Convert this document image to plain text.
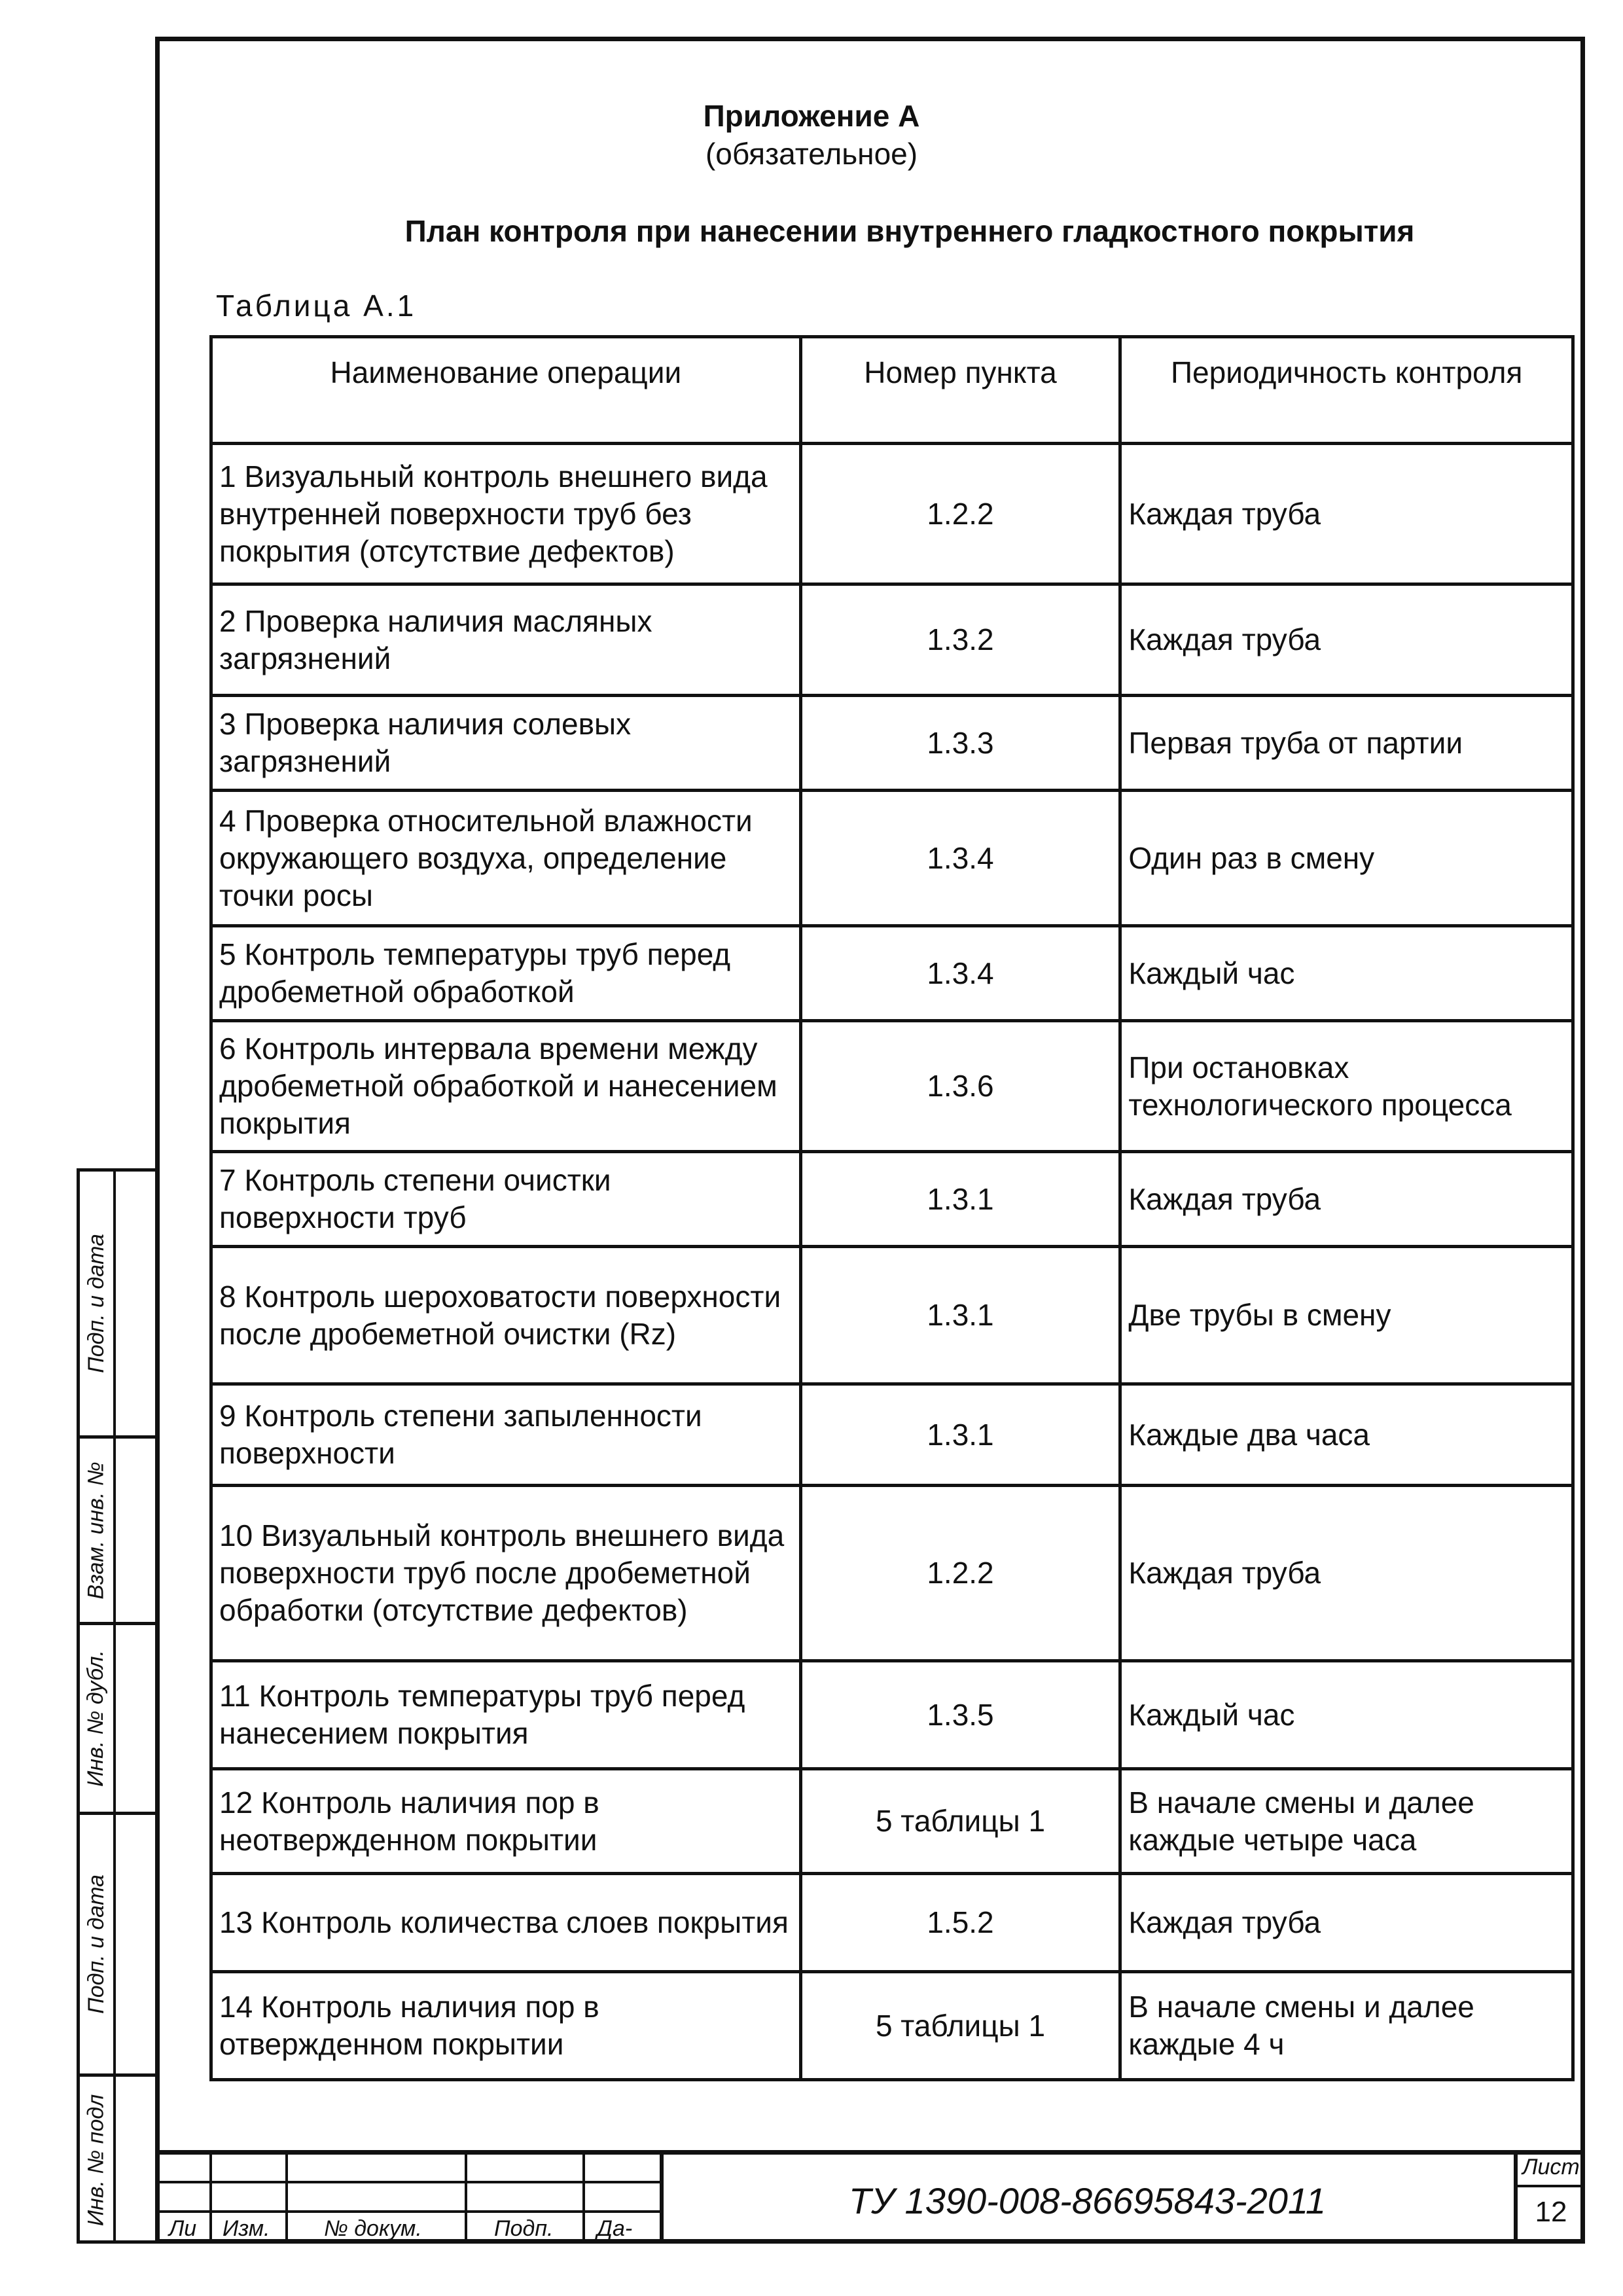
Подп. и дата
Взам. инв. №
Инв. № дубл.
Подп. и дата
Инв. № подл
Приложение А
(обязательное)
План контроля при нанесении внутреннего гладкостного покрытия
Таблица А.1
Наименование операции	Номер пункта	Периодичность контроля
1 Визуальный контроль внешнего вида внутренней поверхности труб без покрытия (отсутствие дефектов)	1.2.2	Каждая труба
2 Проверка наличия масляных загрязнений	1.3.2	Каждая труба
3 Проверка наличия солевых загрязнений	1.3.3	Первая труба от партии
4 Проверка относительной влажности окружающего воздуха, определение точки росы	1.3.4	Один раз в смену
5 Контроль температуры труб перед дробеметной обработкой	1.3.4	Каждый час
6 Контроль интервала времени между дробеметной обработкой и нанесением покрытия	1.3.6	При остановках технологического процесса
7 Контроль степени очистки поверхности труб	1.3.1	Каждая труба
8 Контроль шероховатости поверхности после дробеметной очистки (Rz)	1.3.1	Две трубы в смену
9 Контроль степени запыленности поверхности	1.3.1	Каждые два часа
10 Визуальный контроль внешнего вида поверхности труб после дробеметной обработки (отсутствие дефектов)	1.2.2	Каждая труба
11 Контроль температуры труб перед нанесением покрытия	1.3.5	Каждый час
12 Контроль наличия пор в неотвержденном покрытии	5 таблицы 1	В начале смены и далее каждые четыре часа
13 Контроль количества слоев покрытия	1.5.2	Каждая труба
14 Контроль наличия пор в отвержденном покрытии	5 таблицы 1	В начале смены и далее каждые 4 ч
Ли Изм. № докум.	Подп. Да-
ТУ 1390-008-86695843-2011
Лист
12
